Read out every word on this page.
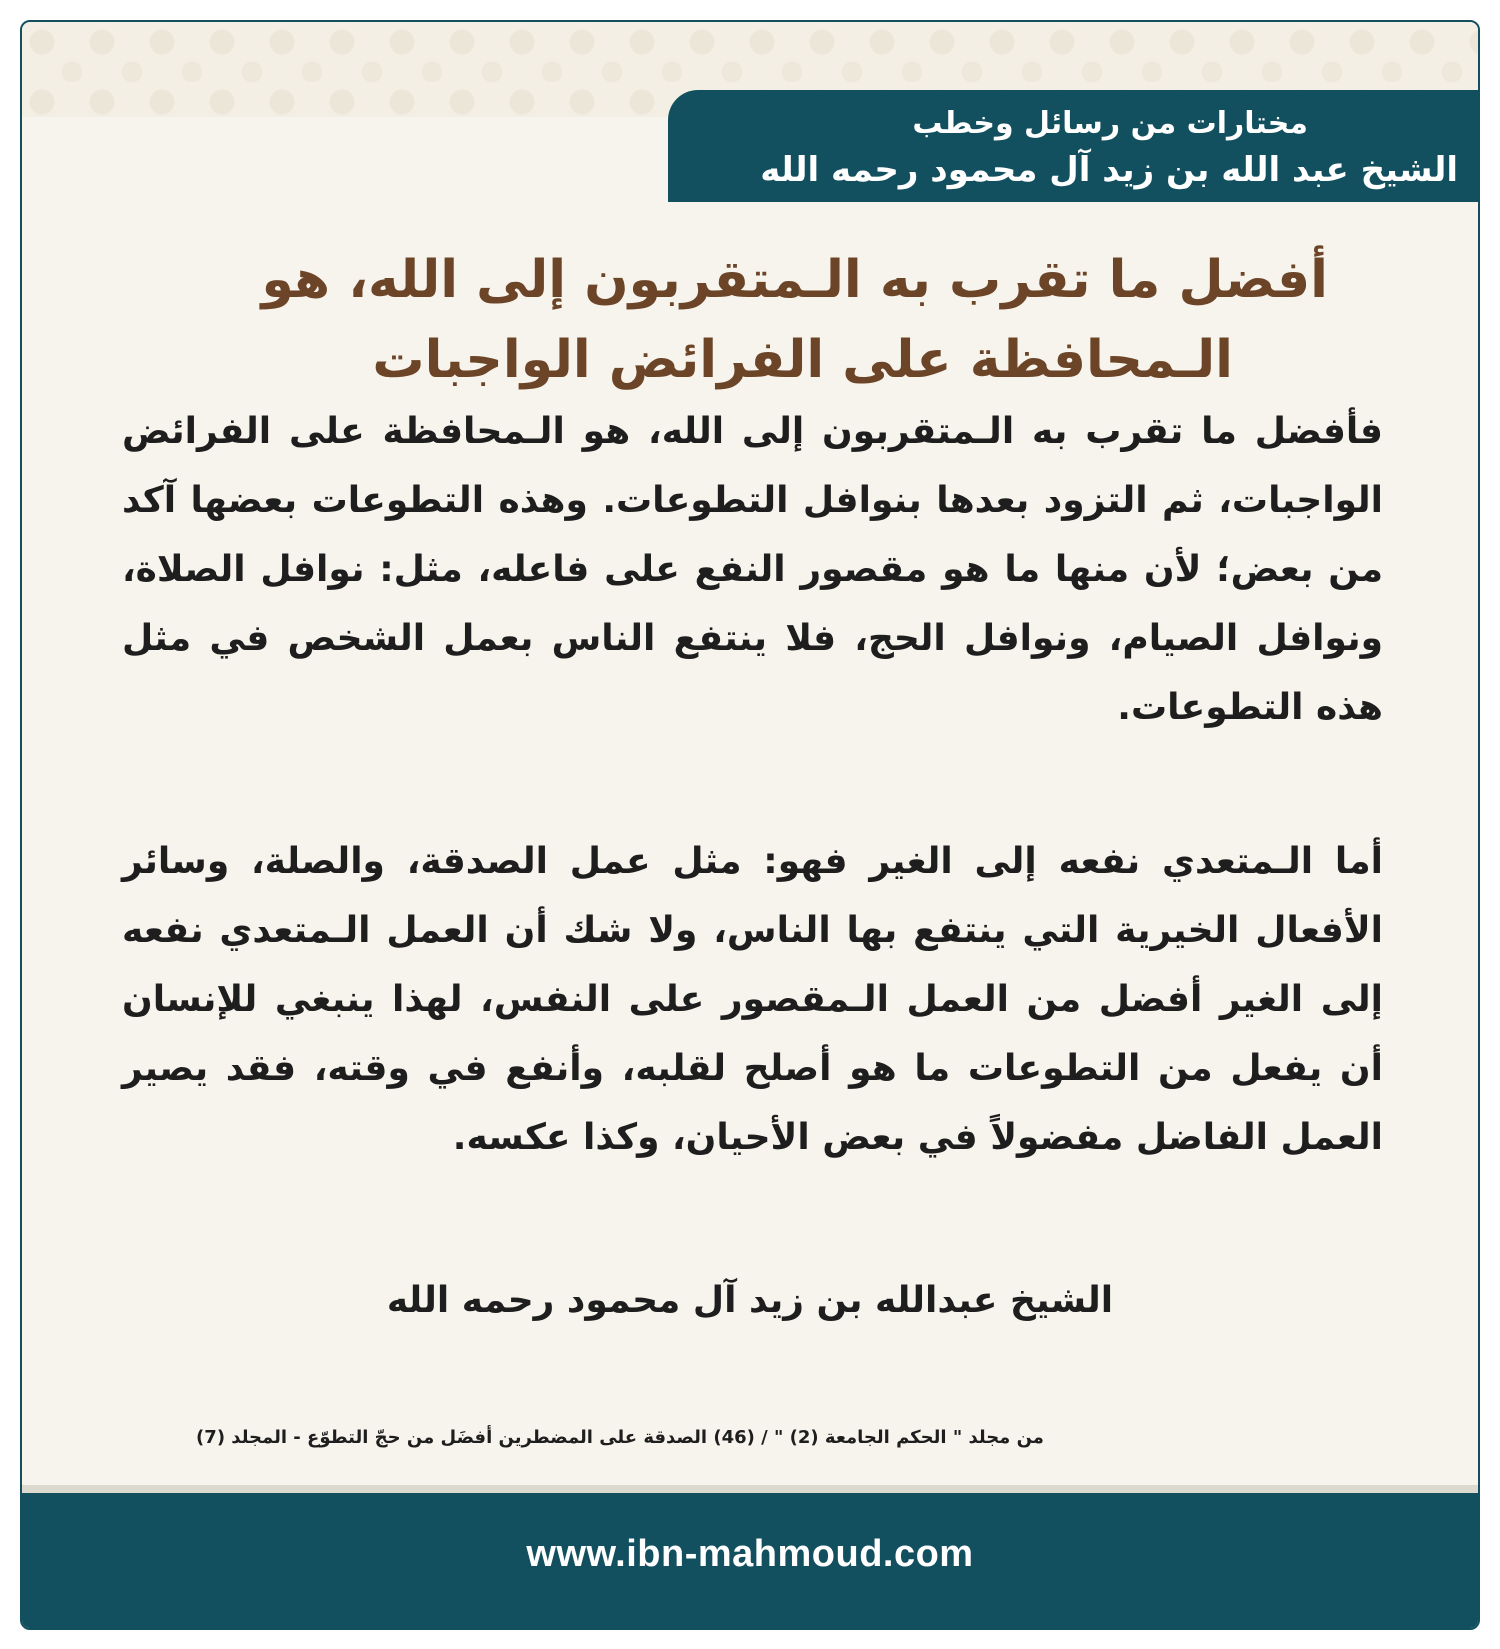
مختارات من رسائل وخطب
الشيخ عبد الله بن زيد آل محمود رحمه الله
أفضل ما تقرب به الـمتقربون إلى الله، هو
الـمحافظة على الفرائض الواجبات
فأفضل ما تقرب به الـمتقربون إلى الله، هو الـمحافظة على الفرائض الواجبات، ثم التزود بعدها بنوافل التطوعات. وهذه التطوعات بعضها آكد من بعض؛ لأن منها ما هو مقصور النفع على فاعله، مثل: نوافل الصلاة، ونوافل الصيام، ونوافل الحج، فلا ينتفع الناس بعمل الشخص في مثل هذه التطوعات.
أما الـمتعدي نفعه إلى الغير فهو: مثل عمل الصدقة، والصلة، وسائر الأفعال الخيرية التي ينتفع بها الناس، ولا شك أن العمل الـمتعدي نفعه إلى الغير أفضل من العمل الـمقصور على النفس، لهذا ينبغي للإنسان أن يفعل من التطوعات ما هو أصلح لقلبه، وأنفع في وقته، فقد يصير العمل الفاضل مفضولاً في بعض الأحيان، وكذا عكسه.
الشيخ عبدالله بن زيد آل محمود رحمه الله
من مجلد " الحكم الجامعة (2) " / (46) الصدقة على المضطرين أفضَل من حجّ التطوّع - المجلد (7)
www.ibn-mahmoud.com
